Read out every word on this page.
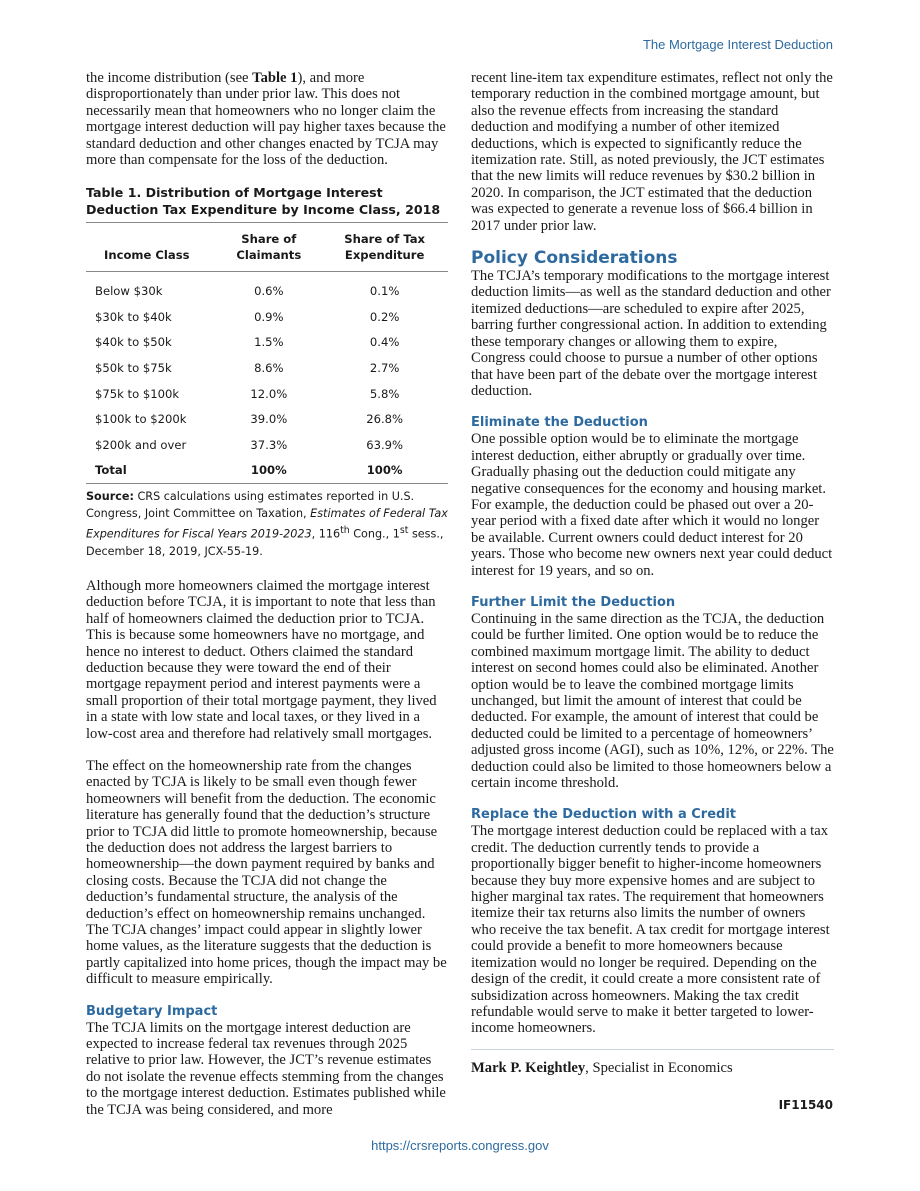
The Mortgage Interest Deduction

the income distribution (see Table 1), and more disproportionately than under prior law. This does not necessarily mean that homeowners who no longer claim the mortgage interest deduction will pay higher taxes because the standard deduction and other changes enacted by TCJA may more than compensate for the loss of the deduction.

Table 1. Distribution of Mortgage Interest Deduction Tax Expenditure by Income Class, 2018

Income Class	Share of Claimants	Share of Tax Expenditure

Below $30k	0.6%	0.1%
$30k to $40k	0.9%	0.2%
$40k to $50k	1.5%	0.4%
$50k to $75k	8.6%	2.7%
$75k to $100k	12.0%	5.8%
$100k to $200k	39.0%	26.8%
$200k and over	37.3%	63.9%
Total	100%	100%
Source: CRS calculations using estimates reported in U.S. Congress, Joint Committee on Taxation, Estimates of Federal Tax Expenditures for Fiscal Years 2019-2023, 116th Cong., 1st sess., December 18, 2019, JCX-55-19.

Although more homeowners claimed the mortgage interest deduction before TCJA, it is important to note that less than half of homeowners claimed the deduction prior to TCJA. This is because some homeowners have no mortgage, and hence no interest to deduct. Others claimed the standard deduction because they were toward the end of their mortgage repayment period and interest payments were a small proportion of their total mortgage payment, they lived in a state with low state and local taxes, or they lived in a low-cost area and therefore had relatively small mortgages.

The effect on the homeownership rate from the changes enacted by TCJA is likely to be small even though fewer homeowners will benefit from the deduction. The economic literature has generally found that the deduction’s structure prior to TCJA did little to promote homeownership, because the deduction does not address the largest barriers to homeownership—the down payment required by banks and closing costs. Because the TCJA did not change the deduction’s fundamental structure, the analysis of the deduction’s effect on homeownership remains unchanged. The TCJA changes’ impact could appear in slightly lower home values, as the literature suggests that the deduction is partly capitalized into home prices, though the impact may be difficult to measure empirically.

Budgetary Impact

The TCJA limits on the mortgage interest deduction are expected to increase federal tax revenues through 2025 relative to prior law. However, the JCT’s revenue estimates do not isolate the revenue effects stemming from the changes to the mortgage interest deduction. Estimates published while the TCJA was being considered, and more

recent line-item tax expenditure estimates, reflect not only the temporary reduction in the combined mortgage amount, but also the revenue effects from increasing the standard deduction and modifying a number of other itemized deductions, which is expected to significantly reduce the itemization rate. Still, as noted previously, the JCT estimates that the new limits will reduce revenues by $30.2 billion in 2020. In comparison, the JCT estimated that the deduction was expected to generate a revenue loss of $66.4 billion in 2017 under prior law.

Policy Considerations

The TCJA’s temporary modifications to the mortgage interest deduction limits—as well as the standard deduction and other itemized deductions—are scheduled to expire after 2025, barring further congressional action. In addition to extending these temporary changes or allowing them to expire, Congress could choose to pursue a number of other options that have been part of the debate over the mortgage interest deduction.

Eliminate the Deduction

One possible option would be to eliminate the mortgage interest deduction, either abruptly or gradually over time. Gradually phasing out the deduction could mitigate any negative consequences for the economy and housing market. For example, the deduction could be phased out over a 20-year period with a fixed date after which it would no longer be available. Current owners could deduct interest for 20 years. Those who become new owners next year could deduct interest for 19 years, and so on.

Further Limit the Deduction

Continuing in the same direction as the TCJA, the deduction could be further limited. One option would be to reduce the combined maximum mortgage limit. The ability to deduct interest on second homes could also be eliminated. Another option would be to leave the combined mortgage limits unchanged, but limit the amount of interest that could be deducted. For example, the amount of interest that could be deducted could be limited to a percentage of homeowners’ adjusted gross income (AGI), such as 10%, 12%, or 22%. The deduction could also be limited to those homeowners below a certain income threshold.

Replace the Deduction with a Credit

The mortgage interest deduction could be replaced with a tax credit. The deduction currently tends to provide a proportionally bigger benefit to higher-income homeowners because they buy more expensive homes and are subject to higher marginal tax rates. The requirement that homeowners itemize their tax returns also limits the number of owners who receive the tax benefit. A tax credit for mortgage interest could provide a benefit to more homeowners because itemization would no longer be required. Depending on the design of the credit, it could create a more consistent rate of subsidization across homeowners. Making the tax credit refundable would serve to make it better targeted to lower-income homeowners.

Mark P. Keightley, Specialist in Economics

IF11540
https://crsreports.congress.gov
